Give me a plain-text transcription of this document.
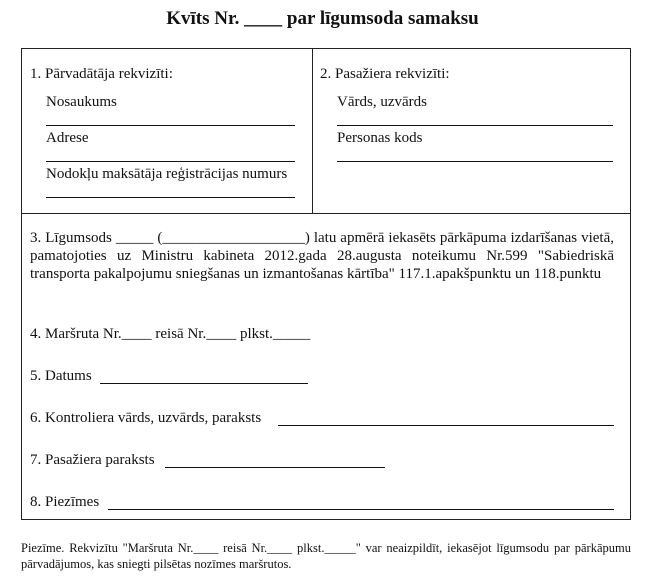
Kvīts Nr. ____ par līgumsoda samaksu
1. Pārvadātāja rekvizīti:
Nosaukums
Adrese
Nodokļu maksātāja reģistrācijas numurs
2. Pasažiera rekvizīti:
Vārds, uzvārds
Personas kods
3. Līgumsods _____ (___________________) latu apmērā iekasēts pārkāpuma izdarīšanas vietā, pamatojoties uz Ministru kabineta 2012.gada 28.augusta noteikumu Nr.599 "Sabiedriskā transporta pakalpojumu sniegšanas un izmantošanas kārtība" 117.1.apakšpunktu un 118.punktu
4. Maršruta Nr.____ reisā Nr.____ plkst._____
5. Datums
6. Kontroliera vārds, uzvārds, paraksts
7. Pasažiera paraksts
8. Piezīmes
Piezīme. Rekvizītu "Maršruta Nr.____ reisā Nr.____ plkst._____" var neaizpildīt, iekasējot līgumsodu par pārkāpumu pārvadājumos, kas sniegti pilsētas nozīmes maršrutos.
